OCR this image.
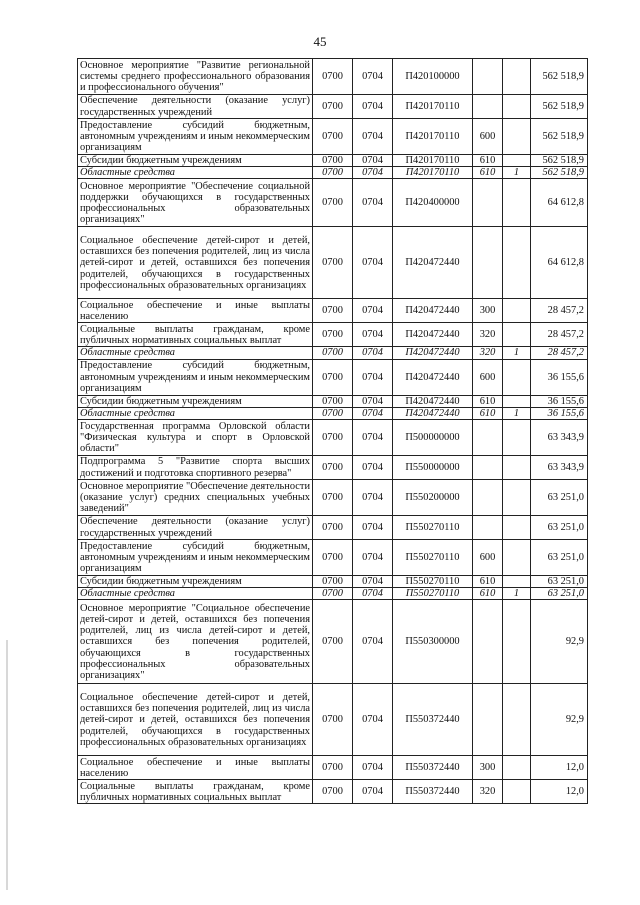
45
Основное мероприятие "Развитие региональной системы среднего профессионального образования и профессионального обучения"	0700	0704	П420100000			562 518,9
Обеспечение деятельности (оказание услуг) государственных учреждений	0700	0704	П420170110			562 518,9
Предоставление субсидий бюджетным, автономным учреждениям и иным некоммерческим организациям	0700	0704	П420170110	600		562 518,9
Субсидии бюджетным учреждениям	0700	0704	П420170110	610		562 518,9
Областные средства	0700	0704	П420170110	610	1	562 518,9
Основное мероприятие "Обеспечение социальной поддержки обучающихся в государственных профессиональных образовательных организациях"	0700	0704	П420400000			64 612,8
Социальное обеспечение детей-сирот и детей, оставшихся без попечения родителей, лиц из числа детей-сирот и детей, оставшихся без попечения родителей, обучающихся в государственных профессиональных образовательных организациях	0700	0704	П420472440			64 612,8
Социальное обеспечение и иные выплаты населению	0700	0704	П420472440	300		28 457,2
Социальные выплаты гражданам, кроме публичных нормативных социальных выплат	0700	0704	П420472440	320		28 457,2
Областные средства	0700	0704	П420472440	320	1	28 457,2
Предоставление субсидий бюджетным, автономным учреждениям и иным некоммерческим организациям	0700	0704	П420472440	600		36 155,6
Субсидии бюджетным учреждениям	0700	0704	П420472440	610		36 155,6
Областные средства	0700	0704	П420472440	610	1	36 155,6
Государственная программа Орловской области "Физическая культура и спорт в Орловской области"	0700	0704	П500000000			63 343,9
Подпрограмма 5 "Развитие спорта высших достижений и подготовка спортивного резерва"	0700	0704	П550000000			63 343,9
Основное мероприятие "Обеспечение деятельности (оказание услуг) средних специальных учебных заведений"	0700	0704	П550200000			63 251,0
Обеспечение деятельности (оказание услуг) государственных учреждений	0700	0704	П550270110			63 251,0
Предоставление субсидий бюджетным, автономным учреждениям и иным некоммерческим организациям	0700	0704	П550270110	600		63 251,0
Субсидии бюджетным учреждениям	0700	0704	П550270110	610		63 251,0
Областные средства	0700	0704	П550270110	610	1	63 251,0
Основное мероприятие "Социальное обеспечение детей-сирот и детей, оставшихся без попечения родителей, лиц из числа детей-сирот и детей, оставшихся без попечения родителей, обучающихся в государственных профессиональных образовательных организациях"	0700	0704	П550300000			92,9
Социальное обеспечение детей-сирот и детей, оставшихся без попечения родителей, лиц из числа детей-сирот и детей, оставшихся без попечения родителей, обучающихся в государственных профессиональных образовательных организациях	0700	0704	П550372440			92,9
Социальное обеспечение и иные выплаты населению	0700	0704	П550372440	300		12,0
Социальные выплаты гражданам, кроме публичных нормативных социальных выплат	0700	0704	П550372440	320		12,0
